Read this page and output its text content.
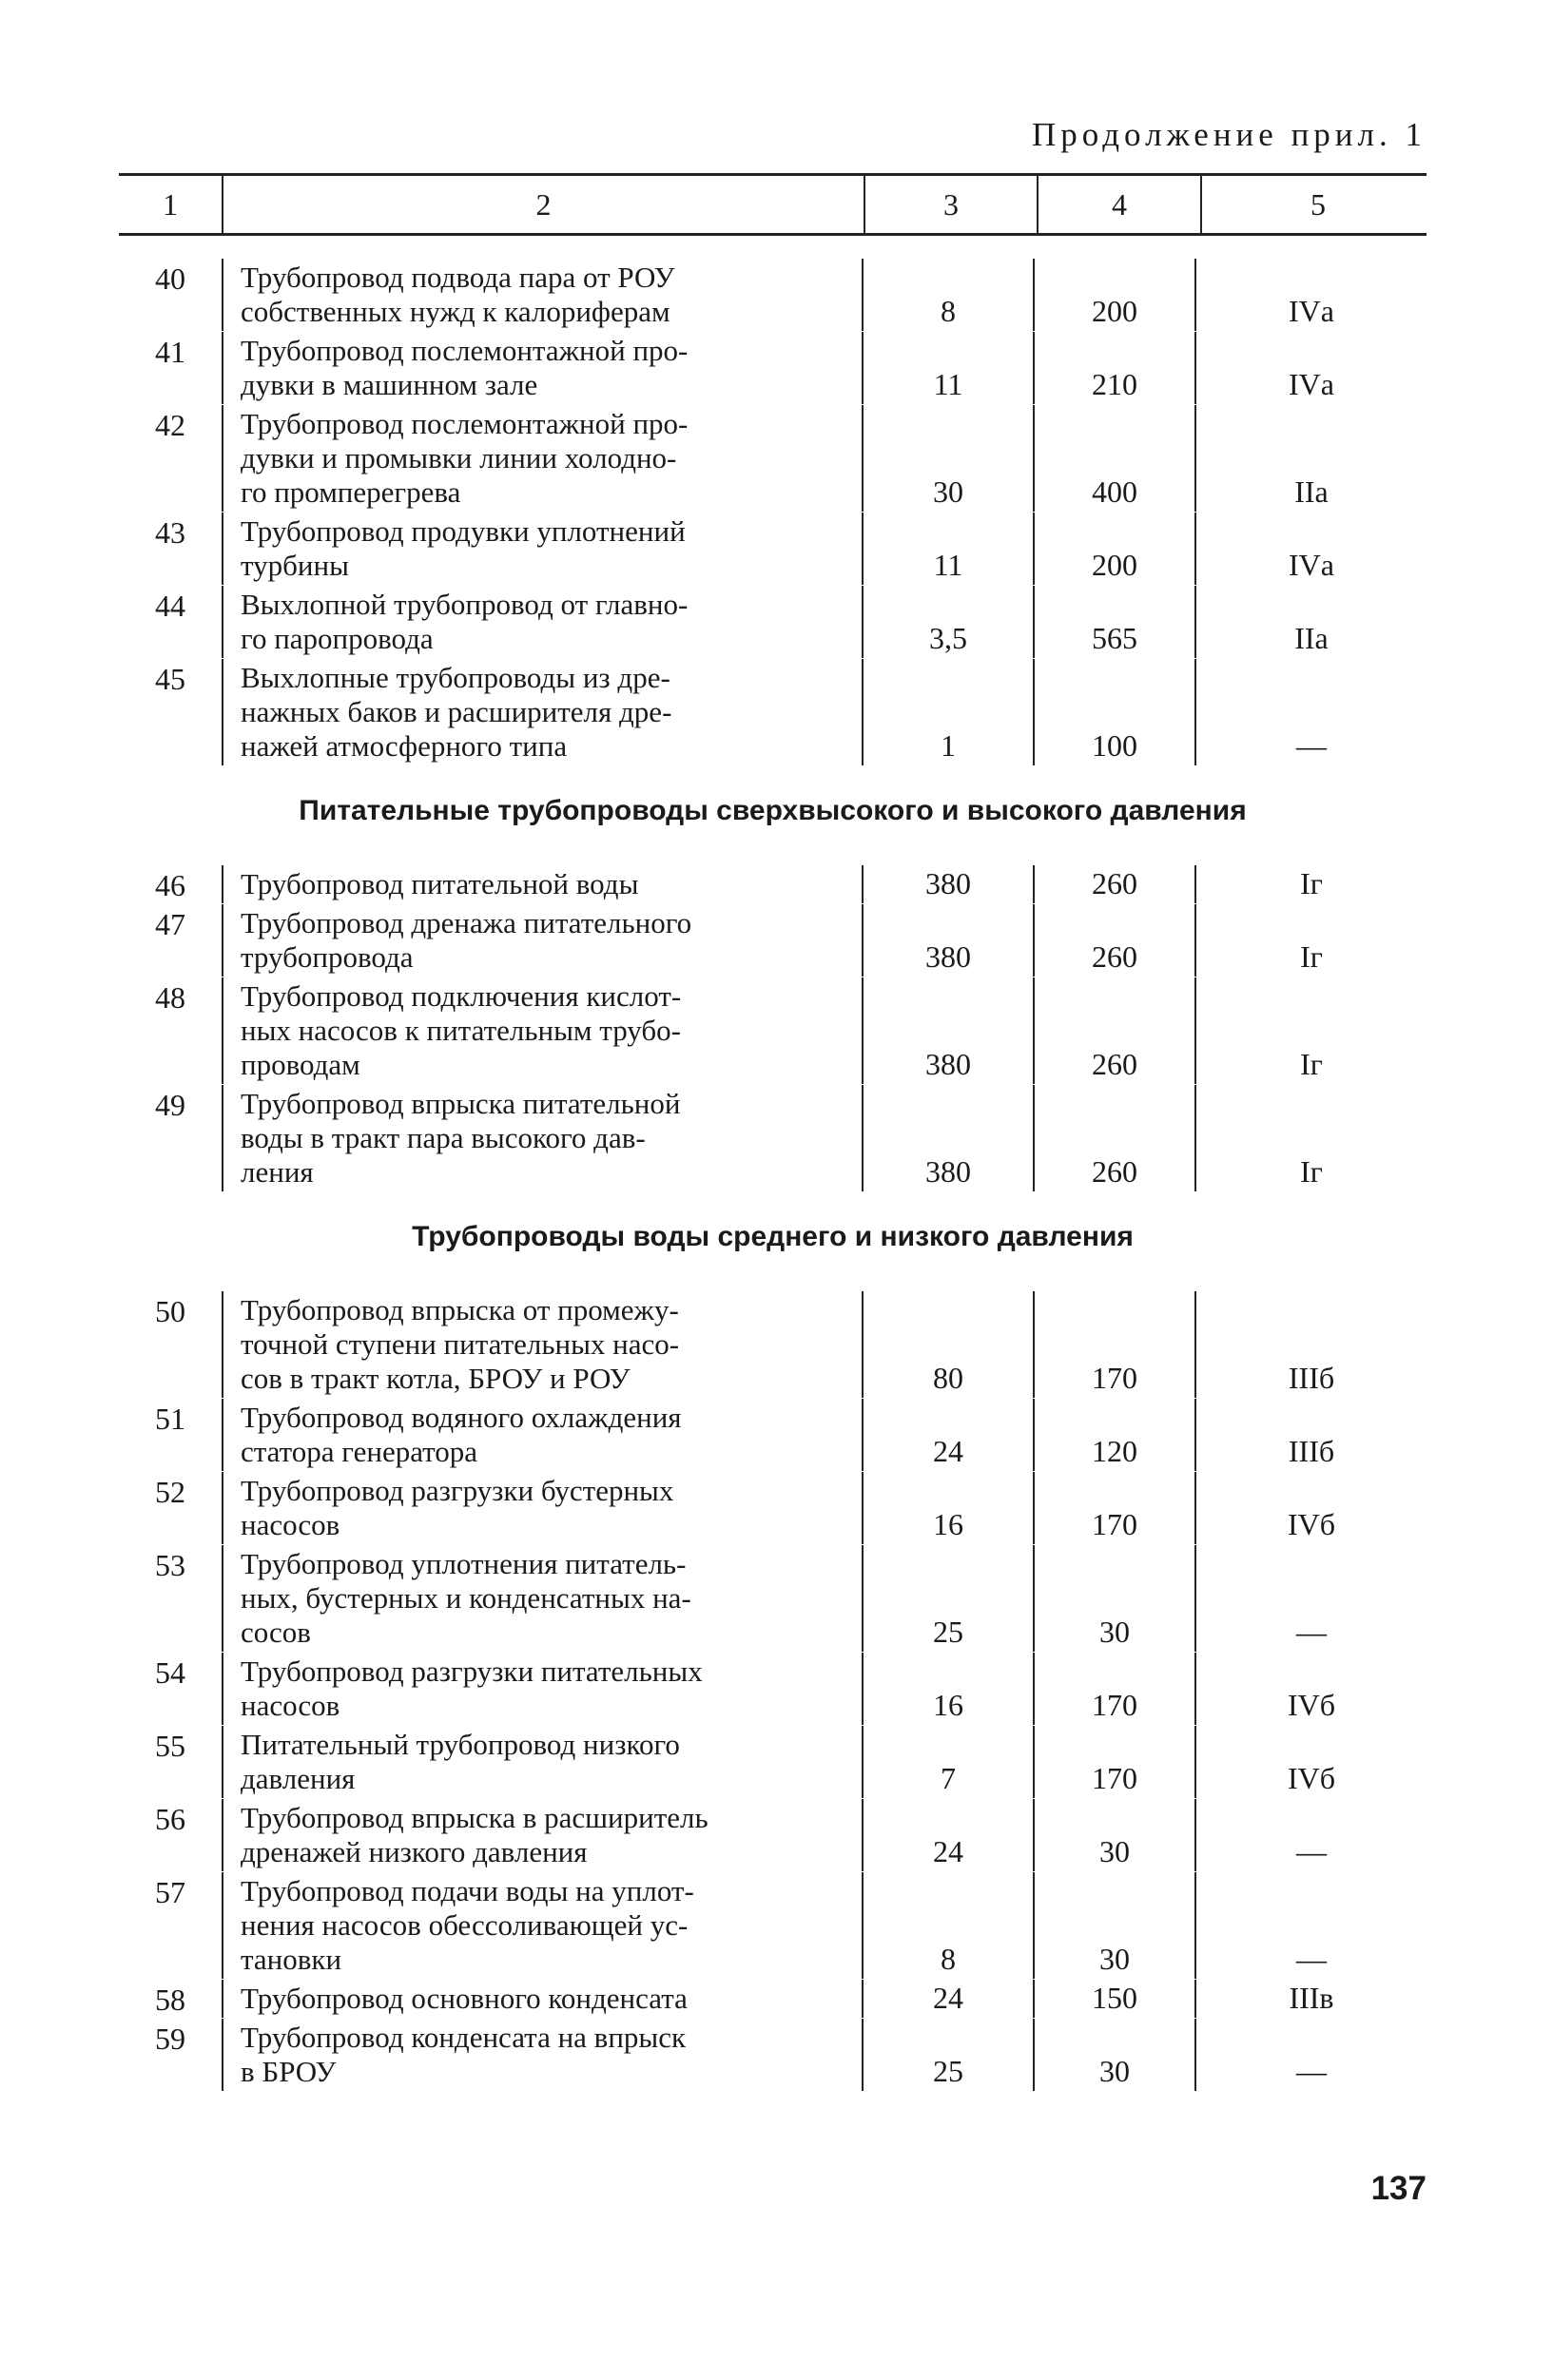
Продолжение прил. 1
1	2	3	4	5
40	Трубопровод подвода пара от РОУ
собственных нужд к калориферам	8	200	IVа
41	Трубопровод послемонтажной про-
дувки в машинном зале	11	210	IVа
42	Трубопровод послемонтажной про-
дувки и промывки линии холодно-
го промперегрева	30	400	IIа
43	Трубопровод продувки уплотнений
турбины	11	200	IVа
44	Выхлопной трубопровод от главно-
го паропровода	3,5	565	IIа
45	Выхлопные трубопроводы из дре-
нажных баков и расширителя дре-
нажей атмосферного типа	1	100	—
Питательные трубопроводы сверхвысокого и высокого давления
46	Трубопровод питательной воды	380	260	Iг
47	Трубопровод дренажа питательного
трубопровода	380	260	Iг
48	Трубопровод подключения кислот-
ных насосов к питательным трубо-
проводам	380	260	Iг
49	Трубопровод впрыска питательной
воды в тракт пара высокого дав-
ления	380	260	Iг
Трубопроводы воды среднего и низкого давления
50	Трубопровод впрыска от промежу-
точной ступени питательных насо-
сов в тракт котла, БРОУ и РОУ	80	170	IIIб
51	Трубопровод водяного охлаждения
статора генератора	24	120	IIIб
52	Трубопровод разгрузки бустерных
насосов	16	170	IVб
53	Трубопровод уплотнения питатель-
ных, бустерных и конденсатных на-
сосов	25	30	—
54	Трубопровод разгрузки питательных
насосов	16	170	IVб
55	Питательный трубопровод низкого
давления	7	170	IVб
56	Трубопровод впрыска в расширитель
дренажей низкого давления	24	30	—
57	Трубопровод подачи воды на уплот-
нения насосов обессоливающей ус-
тановки	8	30	—
58	Трубопровод основного конденсата	24	150	IIIв
59	Трубопровод конденсата на впрыск
в БРОУ	25	30	—
137
